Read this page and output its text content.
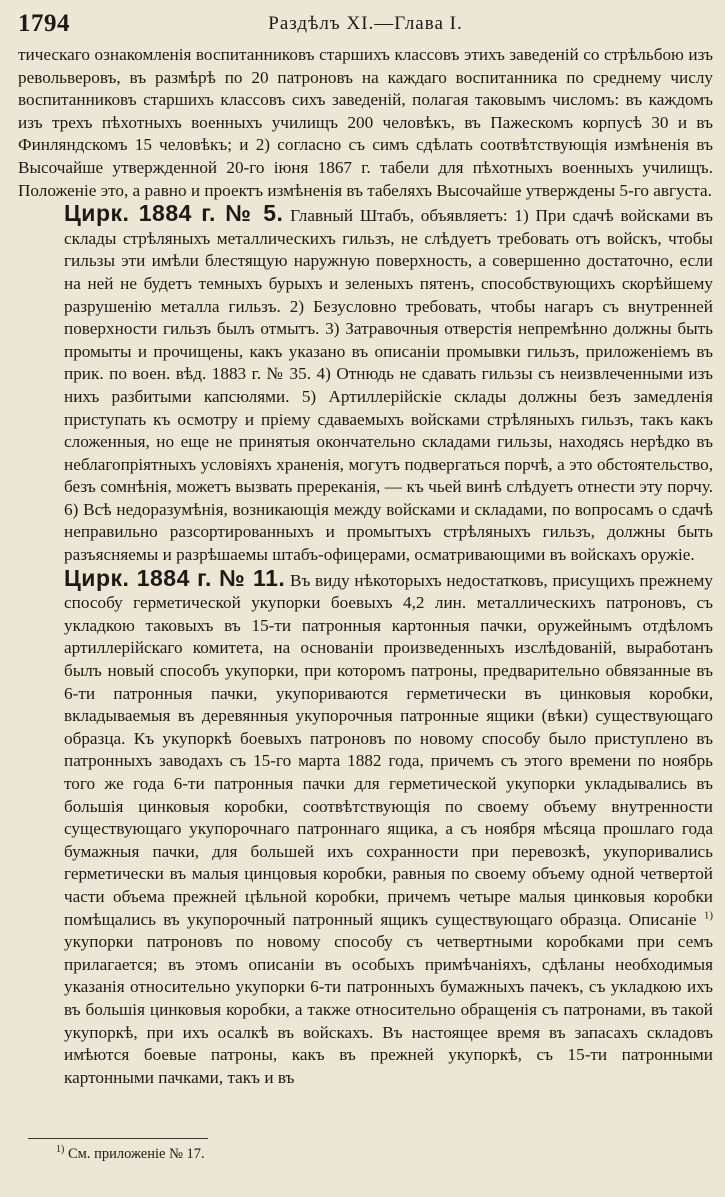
1794	Раздѣлъ XI.—Глава I.

тическаго ознакомленія воспитанниковъ старшихъ классовъ этихъ заведеній со стрѣльбою изъ револьверовъ, въ размѣрѣ по 20 патроновъ на каждаго воспитанника по среднему числу воспитанниковъ старшихъ классовъ сихъ заведеній, полагая таковымъ числомъ: въ каждомъ изъ трехъ пѣхотныхъ военныхъ училищъ 200 человѣкъ, въ Пажескомъ корпусѣ 30 и въ Финляндскомъ 15 человѣкъ; и 2) согласно съ симъ сдѣлать соотвѣтствующія измѣненія въ Высочайше утвержденной 20-го іюня 1867 г. табели для пѣхотныхъ военныхъ училищъ. Положеніе это, а равно и проектъ измѣненія въ табеляхъ Высочайше утверждены 5-го августа.

Цирк. 1884 г. № 5. Главный Штабъ, объявляетъ: 1) При сдачѣ войсками въ склады стрѣляныхъ металлическихъ гильзъ, не слѣдуетъ требовать отъ войскъ, чтобы гильзы эти имѣли блестящую наружную поверхность, а совершенно достаточно, если на ней не будетъ темныхъ бурыхъ и зеленыхъ пятенъ, способствующихъ скорѣйшему разрушенію металла гильзъ. 2) Безусловно требовать, чтобы нагаръ съ внутренней поверхности гильзъ былъ отмытъ. 3) Затравочныя отверстія непремѣнно должны быть промыты и прочищены, какъ указано въ описаніи промывки гильзъ, приложеніемъ въ прик. по воен. вѣд. 1883 г. № 35. 4) Отнюдь не сдавать гильзы съ неизвлеченными изъ нихъ разбитыми капсюлями. 5) Артиллерійскіе склады должны безъ замедленія приступать къ осмотру и пріему сдаваемыхъ войсками стрѣляныхъ гильзъ, такъ какъ сложенныя, но еще не принятыя окончательно складами гильзы, находясь нерѣдко въ неблагопріятныхъ условіяхъ храненія, могутъ подвергаться порчѣ, а это обстоятельство, безъ сомнѣнія, можетъ вызвать пререканія, — къ чьей винѣ слѣдуетъ отнести эту порчу. 6) Всѣ недоразумѣнія, возникающія между войсками и складами, по вопросамъ о сдачѣ неправильно разсортированныхъ и промытыхъ стрѣляныхъ гильзъ, должны быть разъясняемы и разрѣшаемы штабъ-офицерами, осматривающими въ войскахъ оружіе.

Цирк. 1884 г. № 11. Въ виду нѣкоторыхъ недостатковъ, присущихъ прежнему способу герметической укупорки боевыхъ 4,2 лин. металлическихъ патроновъ, съ укладкою таковыхъ въ 15-ти патронныя картонныя пачки, оружейнымъ отдѣломъ артиллерійскаго комитета, на основаніи произведенныхъ изслѣдованій, выработанъ былъ новый способъ укупорки, при которомъ патроны, предварительно обвязанные въ 6-ти патронныя пачки, укупориваются герметически въ цинковыя коробки, вкладываемыя въ деревянныя укупорочныя патронные ящики (вѣки) существующаго образца. Къ укупоркѣ боевыхъ патроновъ по новому способу было приступлено въ патронныхъ заводахъ съ 15-го марта 1882 года, причемъ съ этого времени по ноябрь того же года 6-ти патронныя пачки для герметической укупорки укладывались въ большія цинковыя коробки, соотвѣтствующія по своему объему внутренности существующаго укупорочнаго патроннаго ящика, а съ ноября мѣсяца прошлаго года бумажныя пачки, для большей ихъ сохранности при перевозкѣ, укупоривались герметически въ малыя цинцовыя коробки, равныя по своему объему одной четвертой части объема прежней цѣльной коробки, причемъ четыре малыя цинковыя коробки помѣщались въ укупорочный патронный ящикъ существующаго образца. Описаніе $^{1)}$ укупорки патроновъ по новому способу съ четвертными коробками при семъ прилагается; въ этомъ описаніи въ особыхъ примѣчаніяхъ, сдѣланы необходимыя указанія относительно укупорки 6-ти патронныхъ бумажныхъ пачекъ, съ укладкою ихъ въ большія цинковыя коробки, а также относительно обращенія съ патронами, въ такой укупоркѣ, при ихъ осалкѣ въ войскахъ. Въ настоящее время въ запасахъ складовъ имѣются боевые патроны, какъ въ прежней укупоркѣ, съ 15-ти патронными картонными пачками, такъ и въ

$^{1)}$ См. приложеніе № 17.
